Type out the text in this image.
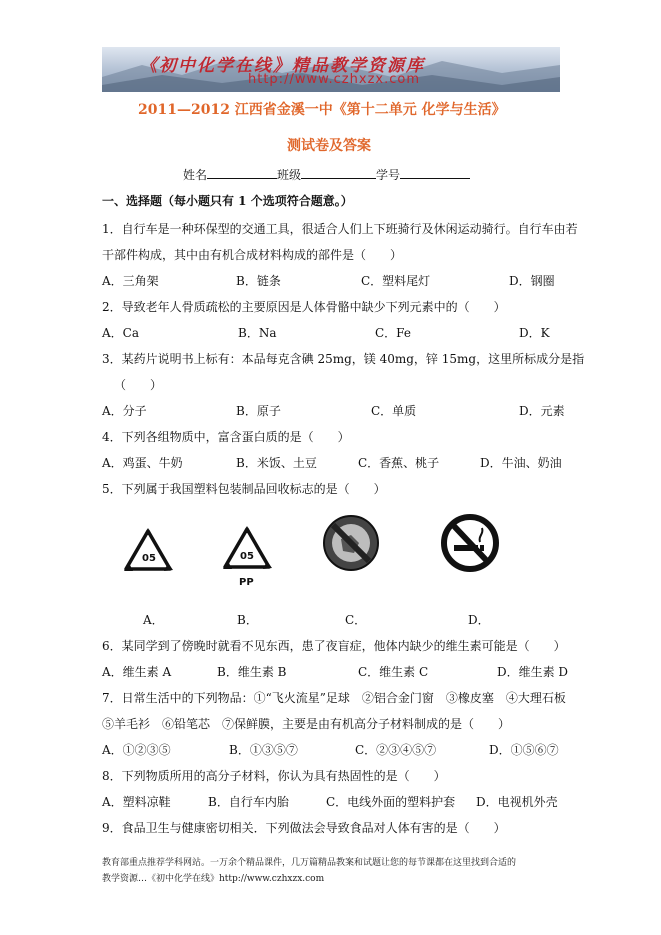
《初中化学在线》精品教学资源库
http://www.czhxzx.com
2011—2012 江西省金溪一中《第十二单元 化学与生活》
测试卷及答案
姓名	班级	学号
一、选择题（每小题只有 1 个选项符合题意。）
1．自行车是一种环保型的交通工具，很适合人们上下班骑行及休闲运动骑行。自行车由若
干部件构成，其中由有机合成材料构成的部件是（　　）
A．三角架	B．链条	C．塑料尾灯	D．钢圈
2．导致老年人骨质疏松的主要原因是人体骨骼中缺少下列元素中的（　　）
A．Ca	B．Na	C．Fe	D．K
3．某药片说明书上标有：本品每克含碘 25mg，镁 40mg，锌 15mg，这里所标成分是指
（　　）
A．分子	B．原子	C．单质	D．元素
4．下列各组物质中，富含蛋白质的是（　　）
A．鸡蛋、牛奶	B．米饭、土豆	C．香蕉、桃子	D．牛油、奶油
5．下列属于我国塑料包装制品回收标志的是（　　）
05	05
PP
A．	B．	C．	D．
6．某同学到了傍晚时就看不见东西，患了夜盲症，他体内缺少的维生素可能是（　　）
A．维生素 A	B．维生素 B	C．维生素 C	D．维生素 D
7．日常生活中的下列物品：①“飞火流星”足球　②铝合金门窗　③橡皮塞　④大理石板
⑤羊毛衫　⑥铅笔芯　⑦保鲜膜，主要是由有机高分子材料制成的是（　　）
A．①②③⑤	B．①③⑤⑦	C．②③④⑤⑦	D．①⑤⑥⑦
8．下列物质所用的高分子材料，你认为具有热固性的是（　　）
A．塑料凉鞋	B．自行车内胎	C．电线外面的塑料护套 D．电视机外壳
9．食品卫生与健康密切相关．下列做法会导致食品对人体有害的是（　　）
教育部重点推荐学科网站。一万余个精品课件，几万篇精品教案和试题让您的每节课都在这里找到合适的
教学资源…《初中化学在线》http://www.czhxzx.com
